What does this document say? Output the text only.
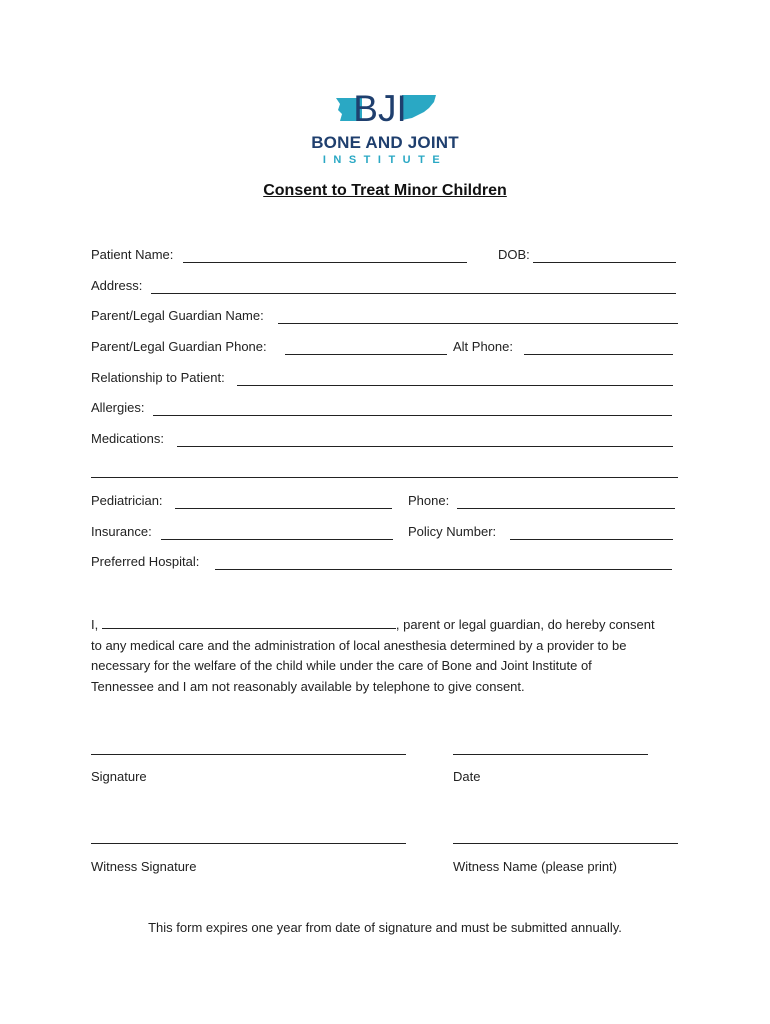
BJI
BONE AND JOINT
INSTITUTE
Consent to Treat Minor Children
Patient Name:	DOB:
Address:
Parent/Legal Guardian Name:
Parent/Legal Guardian Phone:	Alt Phone:
Relationship to Patient:
Allergies:
Medications:
Pediatrician:	Phone:
Insurance:	Policy Number:
Preferred Hospital:

I,	, parent or legal guardian, do hereby consent

to any medical care and the administration of local anesthesia determined by a provider to be

necessary for the welfare of the child while under the care of Bone and Joint Institute of

Tennessee and I am not reasonably available by telephone to give consent.

Signature	Date
Witness Signature	Witness Name (please print)
This form expires one year from date of signature and must be submitted annually.
